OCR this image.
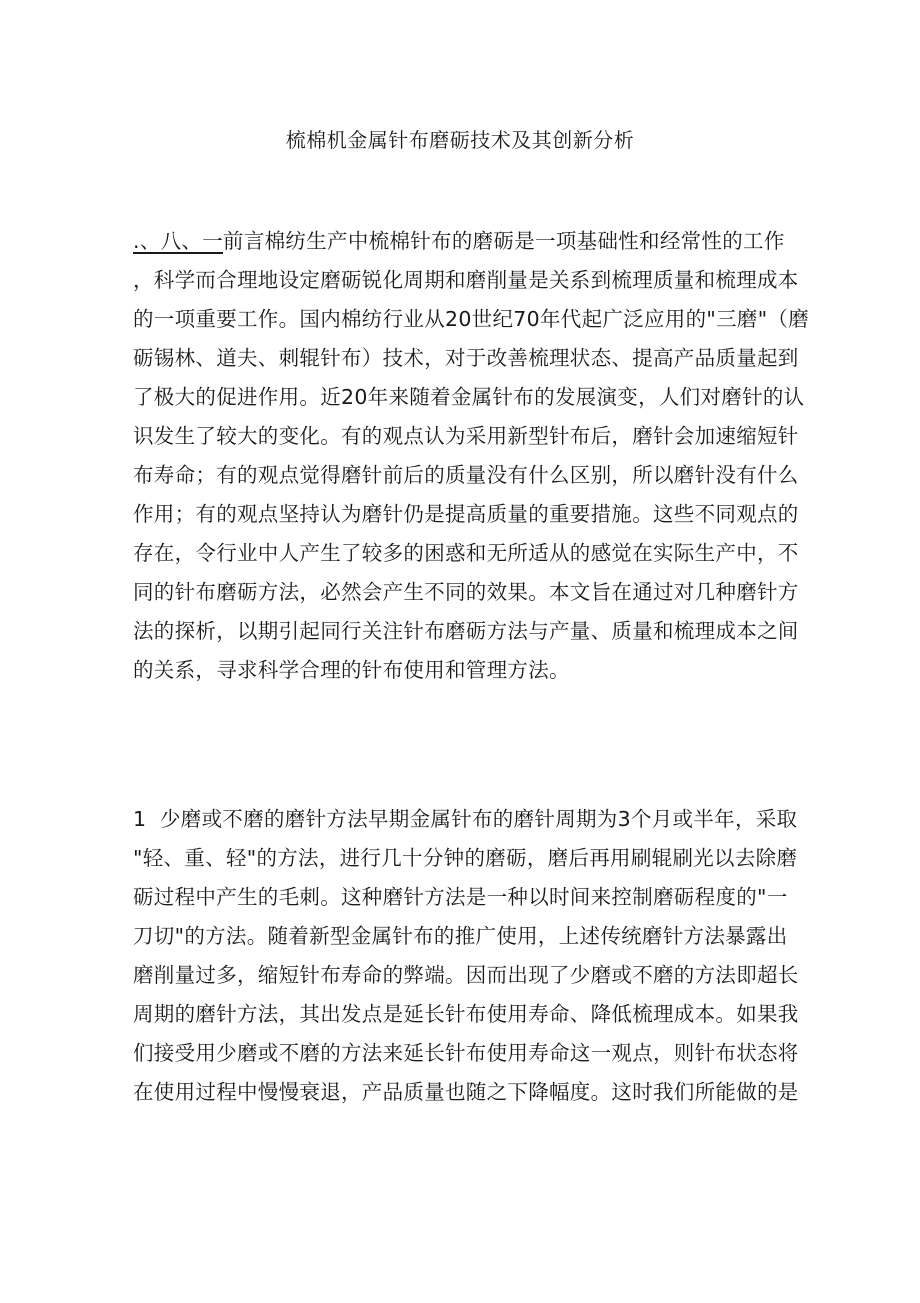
梳棉机金属针布磨砺技术及其创新分析
.、八、一前言棉纺生产中梳棉针布的磨砺是一项基础性和经常性的工作
，科学而合理地设定磨砺锐化周期和磨削量是关系到梳理质量和梳理成本
的一项重要工作。国内棉纺行业从20世纪70年代起广泛应用的"三磨"（磨
砺锡林、道夫、刺辊针布）技术，对于改善梳理状态、提高产品质量起到
了极大的促进作用。近20年来随着金属针布的发展演变，人们对磨针的认
识发生了较大的变化。有的观点认为采用新型针布后，磨针会加速缩短针
布寿命；有的观点觉得磨针前后的质量没有什么区别，所以磨针没有什么
作用；有的观点坚持认为磨针仍是提高质量的重要措施。这些不同观点的
存在，令行业中人产生了较多的困惑和无所适从的感觉在实际生产中，不
同的针布磨砺方法，必然会产生不同的效果。本文旨在通过对几种磨针方
法的探析，以期引起同行关注针布磨砺方法与产量、质量和梳理成本之间
的关系，寻求科学合理的针布使用和管理方法。
1 少磨或不磨的磨针方法早期金属针布的磨针周期为3个月或半年，采取
"轻、重、轻"的方法，进行几十分钟的磨砺，磨后再用刷辊刷光以去除磨
砺过程中产生的毛刺。这种磨针方法是一种以时间来控制磨砺程度的"一
刀切"的方法。随着新型金属针布的推广使用，上述传统磨针方法暴露出
磨削量过多，缩短针布寿命的弊端。因而出现了少磨或不磨的方法即超长
周期的磨针方法，其出发点是延长针布使用寿命、降低梳理成本。如果我
们接受用少磨或不磨的方法来延长针布使用寿命这一观点，则针布状态将
在使用过程中慢慢衰退，产品质量也随之下降幅度。这时我们所能做的是
